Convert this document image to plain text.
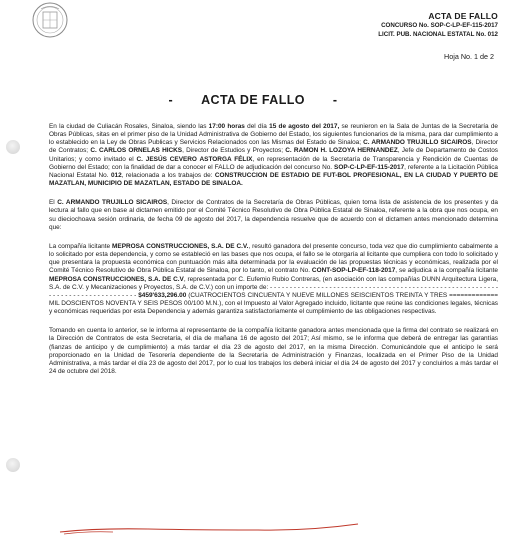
ACTA DE FALLO
CONCURSO No. SOP-C-LP-EF-115-2017
LICIT. PUB. NACIONAL ESTATAL No. 012
Hoja No. 1 de 2
- ACTA DE FALLO -

En la ciudad de Culiacán Rosales, Sinaloa, siendo las 17:00 horas del día 15 de agosto del 2017, se reunieron en la Sala de Juntas de la Secretaría de Obras Públicas, sitas en el primer piso de la Unidad Administrativa de Gobierno del Estado, los siguientes funcionarios de la misma, para dar cumplimiento a lo establecido en la Ley de Obras Publicas y Servicios Relacionados con las Mismas del Estado de Sinaloa; C. ARMANDO TRUJILLO SICAIROS, Director de Contratos; C. CARLOS ORNELAS HICKS, Director de Estudios y Proyectos; C. RAMON H. LOZOYA HERNANDEZ, Jefe de Departamento de Costos Unitarios; y como invitado el C. JESÚS CEVERO ASTORGA FÉLIX, en representación de la Secretaría de Transparencia y Rendición de Cuentas de Gobierno del Estado; con la finalidad de dar a conocer el FALLO de adjudicación del concurso No. SOP-C-LP-EF-115-2017, referente a la Licitación Pública Nacional Estatal No. 012, relacionada a los trabajos de: CONSTRUCCION DE ESTADIO DE FUT-BOL PROFESIONAL, EN LA CIUDAD Y PUERTO DE MAZATLAN, MUNICIPIO DE MAZATLAN, ESTADO DE SINALOA.

El C. ARMANDO TRUJILLO SICAIROS, Director de Contratos de la Secretaría de Obras Públicas, quien toma lista de asistencia de los presentes y da lectura al fallo que en base al dictamen emitido por el Comité Técnico Resolutivo de Obra Pública Estatal de Sinaloa, referente a la obra que nos ocupa, en su dieciochoava sesión ordinaria, de fecha 09 de agosto del 2017, la dependencia resuelve que de acuerdo con el dictamen antes mencionado determina que:

La compañía licitante MEPROSA CONSTRUCCIONES, S.A. DE C.V., resultó ganadora del presente concurso, toda vez que dio cumplimiento cabalmente a lo solicitado por esta dependencia, y como se estableció en las bases que nos ocupa, el fallo se le otorgaría al licitante que cumpliera con todo lo solicitado y que presentara la propuesta económica con puntuación más alta determinada por la evaluación de las propuestas técnicas y económicas, realizada por el Comité Técnico Resolutivo de Obra Pública Estatal de Sinaloa, por lo tanto, el contrato No. CONT-SOP-LP-EF-118-2017, se adjudica a la compañía licitante MEPROSA CONSTRUCCIONES, S.A. DE C.V, representada por C. Eufemio Rubio Contreras, (en asociación con las compañías DUNN Arquitectura Ligera, S.A. de C.V. y Mecanizaciones y Proyectos, S.A. de C.V.) con un importe de: - - - - - - - - - - - - - - - - - - - - - - - - - - - - - - - - - - - - - - - - - - - - - - - - - - - - - - - - - - - - - - - - - - - - - - - - - - - - - - - - $459'633,296.00 (CUATROCIENTOS CINCUENTA Y NUEVE MILLONES SEISCIENTOS TREINTA Y TRES ============= MIL DOSCIENTOS NOVENTA Y SEIS PESOS 00/100 M.N.), con el Impuesto al Valor Agregado incluido, licitante que reúne las condiciones legales, técnicas y económicas requeridas por esta Dependencia y además garantiza satisfactoriamente el cumplimiento de las obligaciones respectivas.

Tomando en cuenta lo anterior, se le informa al representante de la compañía licitante ganadora antes mencionada que la firma del contrato se realizará en la Dirección de Contratos de esta Secretaría, el día de mañana 16 de agosto del 2017; Así mismo, se le informa que deberá de entregar las garantías (fianzas de anticipo y de cumplimiento) a más tardar el día 23 de agosto del 2017, en la misma Dirección. Comunicándole que el anticipo le será proporcionado en la Unidad de Tesorería dependiente de la Secretaría de Administración y Finanzas, localizada en el Primer Piso de la Unidad Administrativa, a más tardar el día 23 de agosto del 2017, por lo cual los trabajos los deberá iniciar el día 24 de agosto del 2017 y concluirlos a más tardar el 24 de octubre del 2018.
